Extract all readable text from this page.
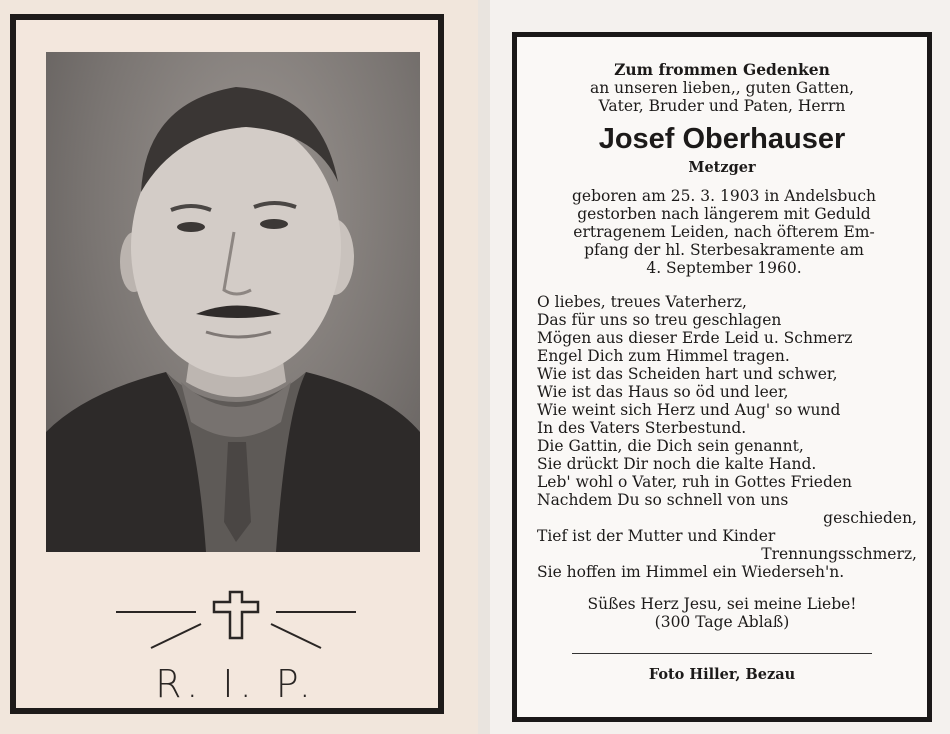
R. I. P.
Zum frommen Gedenken
an unseren lieben,, guten Gatten,
Vater, Bruder und Paten, Herrn
Josef Oberhauser
Metzger
geboren am 25. 3. 1903 in Andelsbuch
gestorben nach längerem mit Geduld
ertragenem Leiden, nach öfterem Em-
pfang der hl. Sterbesakramente am
4. September 1960.
O liebes, treues Vaterherz,
Das für uns so treu geschlagen
Mögen aus dieser Erde Leid u. Schmerz
Engel Dich zum Himmel tragen.
Wie ist das Scheiden hart und schwer,
Wie ist das Haus so öd und leer,
Wie weint sich Herz und Aug' so wund
In des Vaters Sterbestund.
Die Gattin, die Dich sein genannt,
Sie drückt Dir noch die kalte Hand.
Leb' wohl o Vater, ruh in Gottes Frieden
Nachdem Du so schnell von uns
geschieden,
Tief ist der Mutter und Kinder
Trennungsschmerz,
Sie hoffen im Himmel ein Wiederseh'n.
Süßes Herz Jesu, sei meine Liebe!
(300 Tage Ablaß)
Foto Hiller, Bezau
